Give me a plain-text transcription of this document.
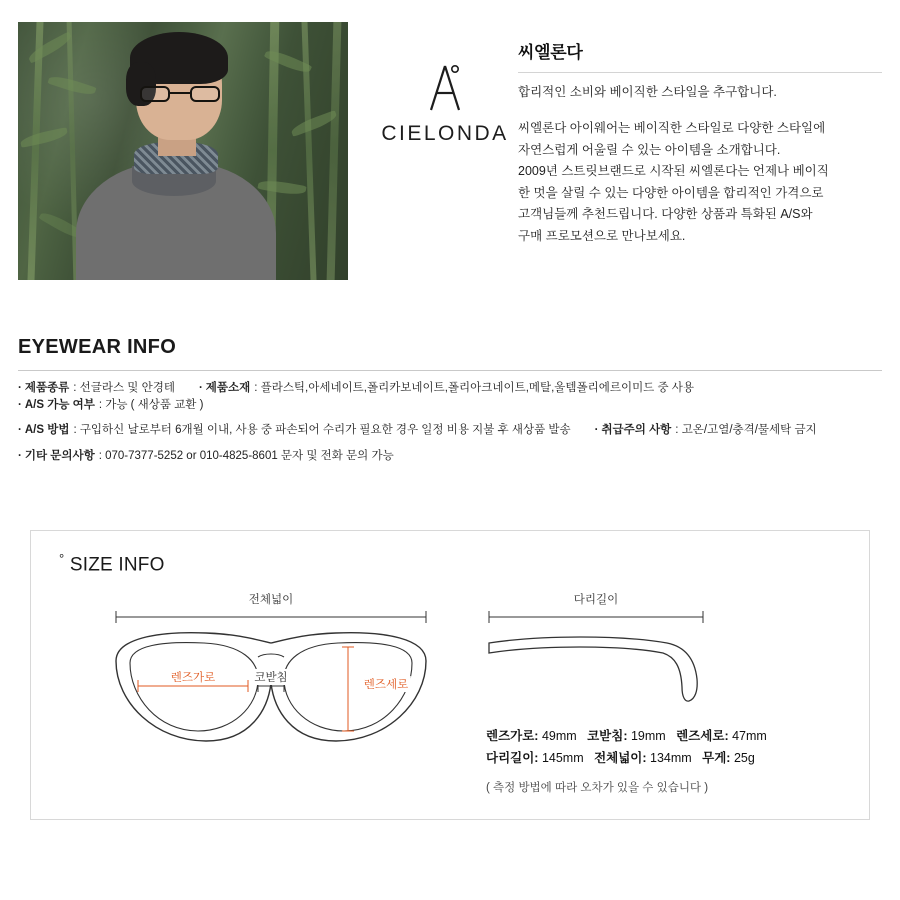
CIELONDA
씨엘론다
합리적인 소비와 베이직한 스타일을 추구합니다.

씨엘론다 아이웨어는 베이직한 스타일로 다양한 스타일에

자연스럽게 어울릴 수 있는 아이템을 소개합니다.

2009년 스트릿브랜드로 시작된 씨엘론다는 언제나 베이직

한 멋을 살릴 수 있는 다양한 아이템을 합리적인 가격으로

고객님들께 추천드립니다. 다양한 상품과 특화된 A/S와

구매 프로모션으로 만나보세요.

EYEWEAR INFO
· 제품종류 : 선글라스 및 안경테 · 제품소재 : 플라스틱,아세네이트,폴리카보네이트,폴리아크네이트,메탈,울템폴리에르이미드 중 사용
· A/S 가능 여부 : 가능 ( 새상품 교환 )
· A/S 방법 : 구입하신 날로부터 6개월 이내, 사용 중 파손되어 수리가 필요한 경우 일정 비용 지불 후 새상품 발송 · 취급주의 사항 : 고온/고열/충격/물세탁 금지
· 기타 문의사항 : 070-7377-5252 or 010-4825-8601 문자 및 전화 문의 가능
° SIZE INFO
전체넓이
렌즈가로	코받침
렌즈세로
다리길이
렌즈가로: 49mm 코받침: 19mm 렌즈세로: 47mm
다리길이: 145mm 전체넓이: 134mm 무게: 25g
( 측정 방법에 따라 오차가 있을 수 있습니다 )
